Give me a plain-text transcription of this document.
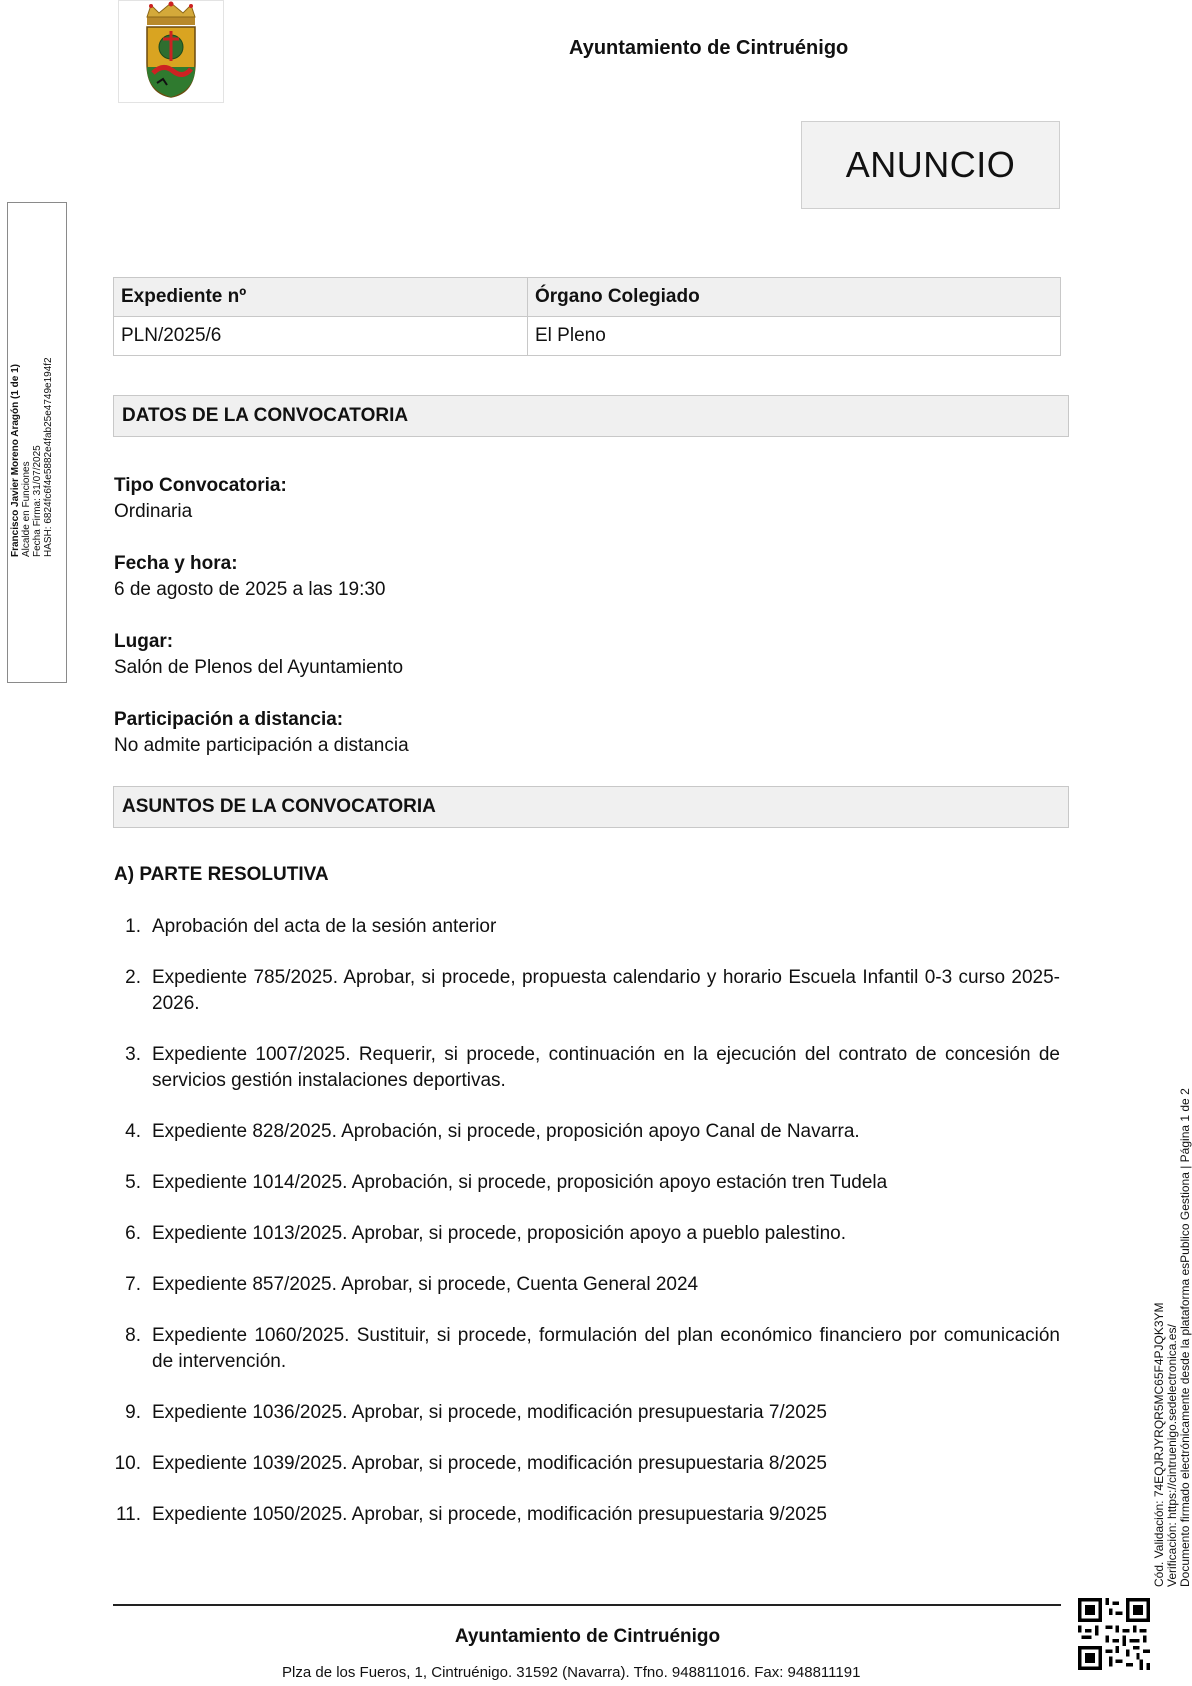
Ayuntamiento de Cintruénigo
ANUNCIO
Francisco Javier Moreno Aragón (1 de 1) Alcalde en Funciones Fecha Firma: 31/07/2025 HASH: 6824fc6f4e5882e4fab25e4749e194f2
Expediente nº	Órgano Colegiado
PLN/2025/6	El Pleno
DATOS DE LA CONVOCATORIA
Tipo Convocatoria:
Ordinaria
Fecha y hora:
6 de agosto de 2025 a las 19:30
Lugar:
Salón de Plenos del Ayuntamiento
Participación a distancia:
No admite participación a distancia
ASUNTOS DE LA CONVOCATORIA
A) PARTE RESOLUTIVA
1. Aprobación del acta de la sesión anterior
2. Expediente 785/2025. Aprobar, si procede, propuesta calendario y horario Escuela Infantil 0-3 curso 2025-2026.
3. Expediente 1007/2025. Requerir, si procede, continuación en la ejecución del contrato de concesión de servicios gestión instalaciones deportivas.
4. Expediente 828/2025. Aprobación, si procede, proposición apoyo Canal de Navarra.
5. Expediente 1014/2025. Aprobación, si procede, proposición apoyo estación tren Tudela
6. Expediente 1013/2025. Aprobar, si procede, proposición apoyo a pueblo palestino.
7. Expediente 857/2025. Aprobar, si procede, Cuenta General 2024
8. Expediente 1060/2025. Sustituir, si procede, formulación del plan económico financiero por comunicación de intervención.
9. Expediente 1036/2025. Aprobar, si procede, modificación presupuestaria 7/2025
10. Expediente 1039/2025. Aprobar, si procede, modificación presupuestaria 8/2025
11. Expediente 1050/2025. Aprobar, si procede, modificación presupuestaria 9/2025	Cód. Validación: 74EQJRJYRQR5MC65F4PJQK3YM Verificación: https://cintruenigo.sedelectronica.es/ Documento firmado electrónicamente desde la plataforma esPublico Gestiona | Página 1 de 2
Ayuntamiento de Cintruénigo
Plza de los Fueros, 1, Cintruénigo. 31592 (Navarra). Tfno. 948811016. Fax: 948811191
